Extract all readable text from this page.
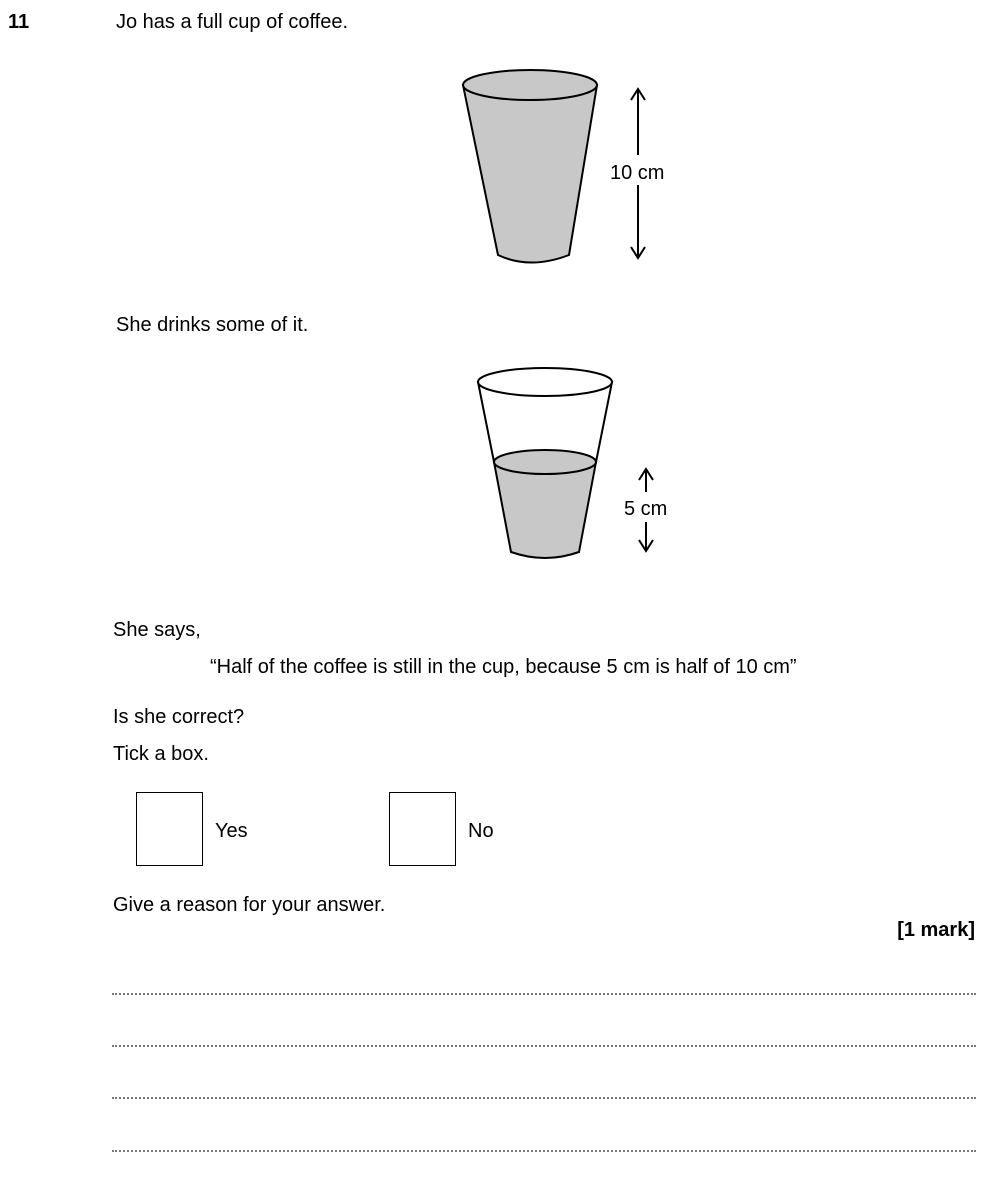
11	Jo has a full cup of coffee.
10 cm
She drinks some of it.
5 cm
She says,
“Half of the coffee is still in the cup, because 5 cm is half of 10 cm”
Is she correct?
Tick a box.
Yes	No
Give a reason for your answer.
[1 mark]
